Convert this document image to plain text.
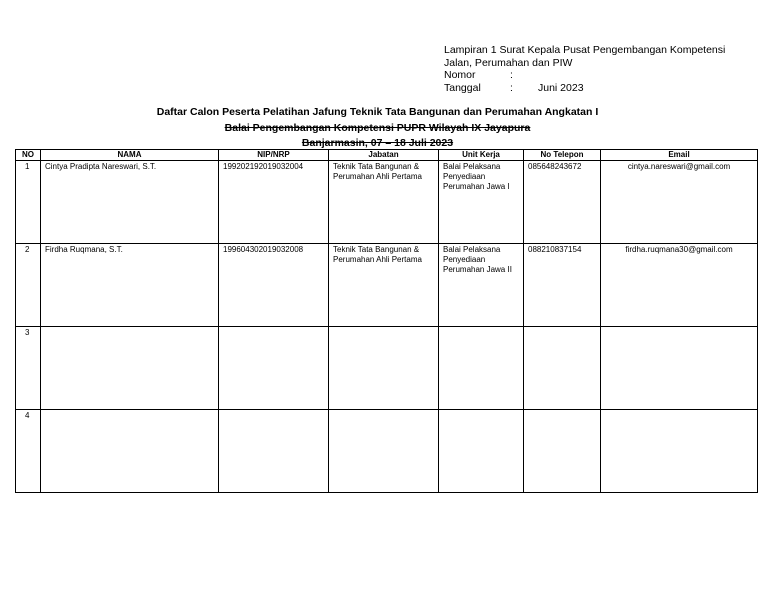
Lampiran 1 Surat Kepala Pusat Pengembangan Kompetensi
Jalan, Perumahan dan PIW
Nomor	:
Tanggal	:	Juni 2023
Daftar Calon Peserta Pelatihan Jafung Teknik Tata Bangunan dan Perumahan Angkatan I
Balai Pengembangan Kompetensi PUPR Wilayah IX Jayapura
Banjarmasin, 07 – 18 Juli 2023
NO	NAMA	NIP/NRP	Jabatan	Unit Kerja	No Telepon	Email
1	Cintya Pradipta Nareswari, S.T.	199202192019032004	Teknik Tata Bangunan & Perumahan Ahli Pertama	Balai Pelaksana Penyediaan Perumahan Jawa I	085648243672	cintya.nareswari@gmail.com
2	Firdha Ruqmana, S.T.	199604302019032008	Teknik Tata Bangunan & Perumahan Ahli Pertama	Balai Pelaksana Penyediaan Perumahan Jawa II	088210837154	firdha.ruqmana30@gmail.com
3						
4						
